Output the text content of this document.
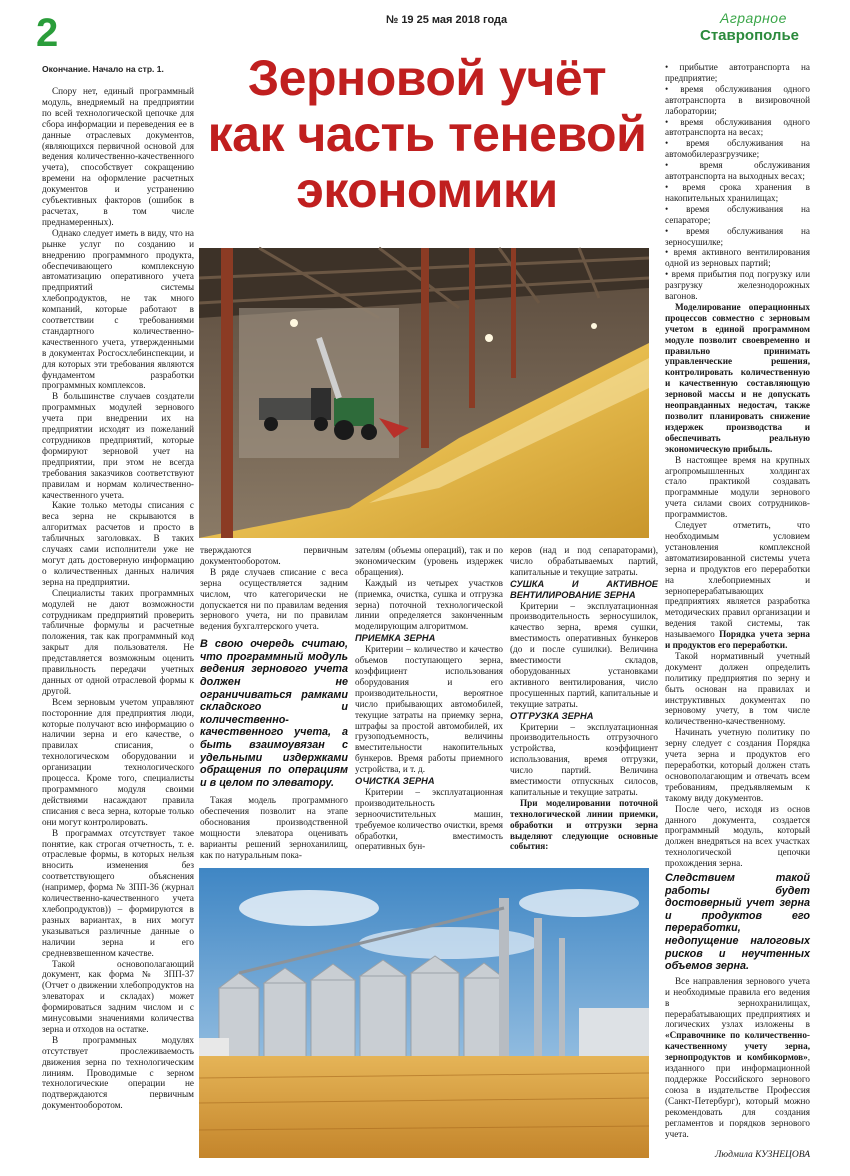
2	№ 19 25 мая 2018 года	Аграрное
Ставрополье
Окончание. Начало на стр. 1.	Зерновой учёт
как часть теневой
экономики

Спору нет, единый программный модуль, внедряемый на предприятии по всей технологической цепочке для сбора информации и переведения ее в данные отраслевых документов, (являющихся первичной основой для ведения количественно-качественного учета), способствует сокращению времени на оформление расчетных документов и устранению субъективных факторов (ошибок в расчетах, в том числе преднамеренных).

Однако следует иметь в виду, что на рынке услуг по созданию и внедрению программного продукта, обеспечивающего комплексную автоматизацию оперативного учета предприятий системы хлебопродуктов, не так много компаний, которые работают в соответствии с требованиями стандартного количественно-качественного учета, утвержденными в документах Росгосхлебинспекции, и для которых эти требования являются фундаментом разработки программных комплексов.

В большинстве случаев создатели программных модулей зернового учета при внедрении их на предприятии исходят из пожеланий сотрудников предприятий, которые формируют зерновой учет на предприятии, при этом не всегда требования заказчиков соответствуют правилам и нормам количественно-качественного учета.

Какие только методы списания с веса зерна не скрываются в алгоритмах расчетов и просто в табличных заголовках. В таких случаях сами исполнители уже не могут дать достоверную информацию о количественных данных наличия зерна на предприятии.

Специалисты таких программных модулей не дают возможности сотрудникам предприятий проверить табличные формулы и расчетные положения, так как программный код закрыт для пользователя. Не представляется возможным оценить правильность передачи учетных данных от одной отраслевой формы к другой.

Всем зерновым учетом управляют посторонние для предприятия люди, которые получают всю информацию о наличии зерна и его качестве, о правилах списания, о технологическом оборудовании и организации технологического процесса. Кроме того, специалисты программного модуля своими действиями насаждают правила списания с веса зерна, которые только они могут контролировать.

В программах отсутствует такое понятие, как строгая отчетность, т. е. отраслевые формы, в которых нельзя вносить изменения без соответствующего объяснения (например, форма № ЗПП-36 (журнал количественно-качественного учета хлебопродуктов)) – формируются в разных вариантах, в них могут указываться различные данные о наличии зерна и его средневзвешенном качестве.

Такой основополагающий документ, как форма № ЗПП-37 (Отчет о движении хлебопродуктов на элеваторах и складах) может формироваться задним числом и с минусовыми значениями количества зерна и отходов на остатке.

В программных модулях отсутствует прослеживаемость движения зерна по технологическим линиям. Проводимые с зерном технологические операции не подтверждаются первичным документооборотом.

тверждаются первичным документооборотом.

В ряде случаев списание с веса зерна осуществляется задним числом, что категорически не допускается ни по правилам ведения зернового учета, ни по правилам ведения бухгалтерского учета.

В свою очередь считаю, что программный модуль ведения зернового учета должен не ограничиваться рамками складского и количественно-качественного учета, а быть взаимоувязан с удельными издержками обращения по операциям и в целом по элеватору.

Такая модель программного обеспечения позволит на этапе обоснования производственной мощности элеватора оценивать варианты решений зерноханилищ, как по натуральным пока-

зателям (объемы операций), так и по экономическим (уровень издержек обращения).

Каждый из четырех участков (приемка, очистка, сушка и отгрузка зерна) поточной технологической линии определяется законченным моделирующим алгоритмом.

ПРИЕМКА ЗЕРНА

Критерии – количество и качество объемов поступающего зерна, коэффициент использования оборудования и его производительности, вероятное число прибывающих автомобилей, текущие затраты на приемку зерна, штрафы за простой автомобилей, их грузоподъемность, величины вместительности накопительных бункеров. Время работы приемного устройства, и т. д.

ОЧИСТКА ЗЕРНА

Критерии – эксплуатационная производительность зерноочистительных машин, требуемое количество очистки, время обработки, вместимость оперативных бун-

керов (над и под сепараторами), число обрабатываемых партий, капитальные и текущие затраты.

СУШКА И АКТИВНОЕ ВЕНТИЛИРОВАНИЕ ЗЕРНА

Критерии – эксплуатационная производительность зерносушилок, качество зерна, время сушки, вместимость оперативных бункеров (до и после сушилки). Величина вместимости складов, оборудованных установками активного вентилирования, число просушенных партий, капитальные и текущие затраты.

ОТГРУЗКА ЗЕРНА

Критерии – эксплуатационная производительность отгрузочного устройства, коэффициент использования, время отгрузки, число партий. Величина вместимости отпускных силосов, капитальные и текущие затраты.

При моделировании поточной технологической линии приемки, обработки и отгрузки зерна выделяют следующие основные события:

• прибытие автотранспорта на предприятие;

• время обслуживания одного автотранспорта в визировочной лаборатории;

• время обслуживания одного автотранспорта на весах;

• время обслуживания на автомобилеразгрузчике;

• время обслуживания автотранспорта на выходных весах;

• время срока хранения в накопительных хранилищах;

• время обслуживания на сепараторе;

• время обслуживания на зерносушилке;

• время активного вентилирования одной из зерновых партий;

• время прибытия под погрузку или разгрузку железнодорожных вагонов.

Моделирование операционных процессов совместно с зерновым учетом в единой программном модуле позволит своевременно и правильно принимать управленческие решения, контролировать количественную и качественную составляющую зерновой массы и не допускать неоправданных недостач, также позволит планировать снижение издержек производства и обеспечивать реальную экономическую прибыль.

В настоящее время на крупных агропромышленных холдингах стало практикой создавать программные модули зернового учета силами своих сотрудников-программистов.

Следует отметить, что необходимым условием установления комплексной автоматизированной системы учета зерна и продуктов его переработки на хлебоприемных и зерноперерабатывающих предприятиях является разработка методических правил организации и ведения такой системы, так называемого Порядка учета зерна и продуктов его переработки.

Такой нормативный учетный документ должен определить политику предприятия по зерну и быть основан на правилах и инструктивных документах по зерновому учету, в том числе количественно-качественному.

Начинать учетную политику по зерну следует с создания Порядка учета зерна и продуктов его переработки, который должен стать основополагающим и отвечать всем требованиям, предъявляемым к такому виду документов.

После чего, исходя из основ данного документа, создается программный модуль, который должен внедряться на всех участках технологической цепочки прохождения зерна.

Следствием такой работы будет достоверный учет зерна и продуктов его переработки, недопущение налоговых рисков и неучтенных объемов зерна.

Все направления зернового учета и необходимые правила его ведения в зернохранилищах, перерабатывающих предприятиях и логических узлах изложены в «Справочнике по количественно-качественному учету зерна, зернопродуктов и комбикормов», изданного при информационной поддержке Российского зернового союза в издательстве Профессия (Санкт-Петербург), который можно рекомендовать для создания регламентов и порядков зернового учета.

Людмила КУЗНЕЦОВА
